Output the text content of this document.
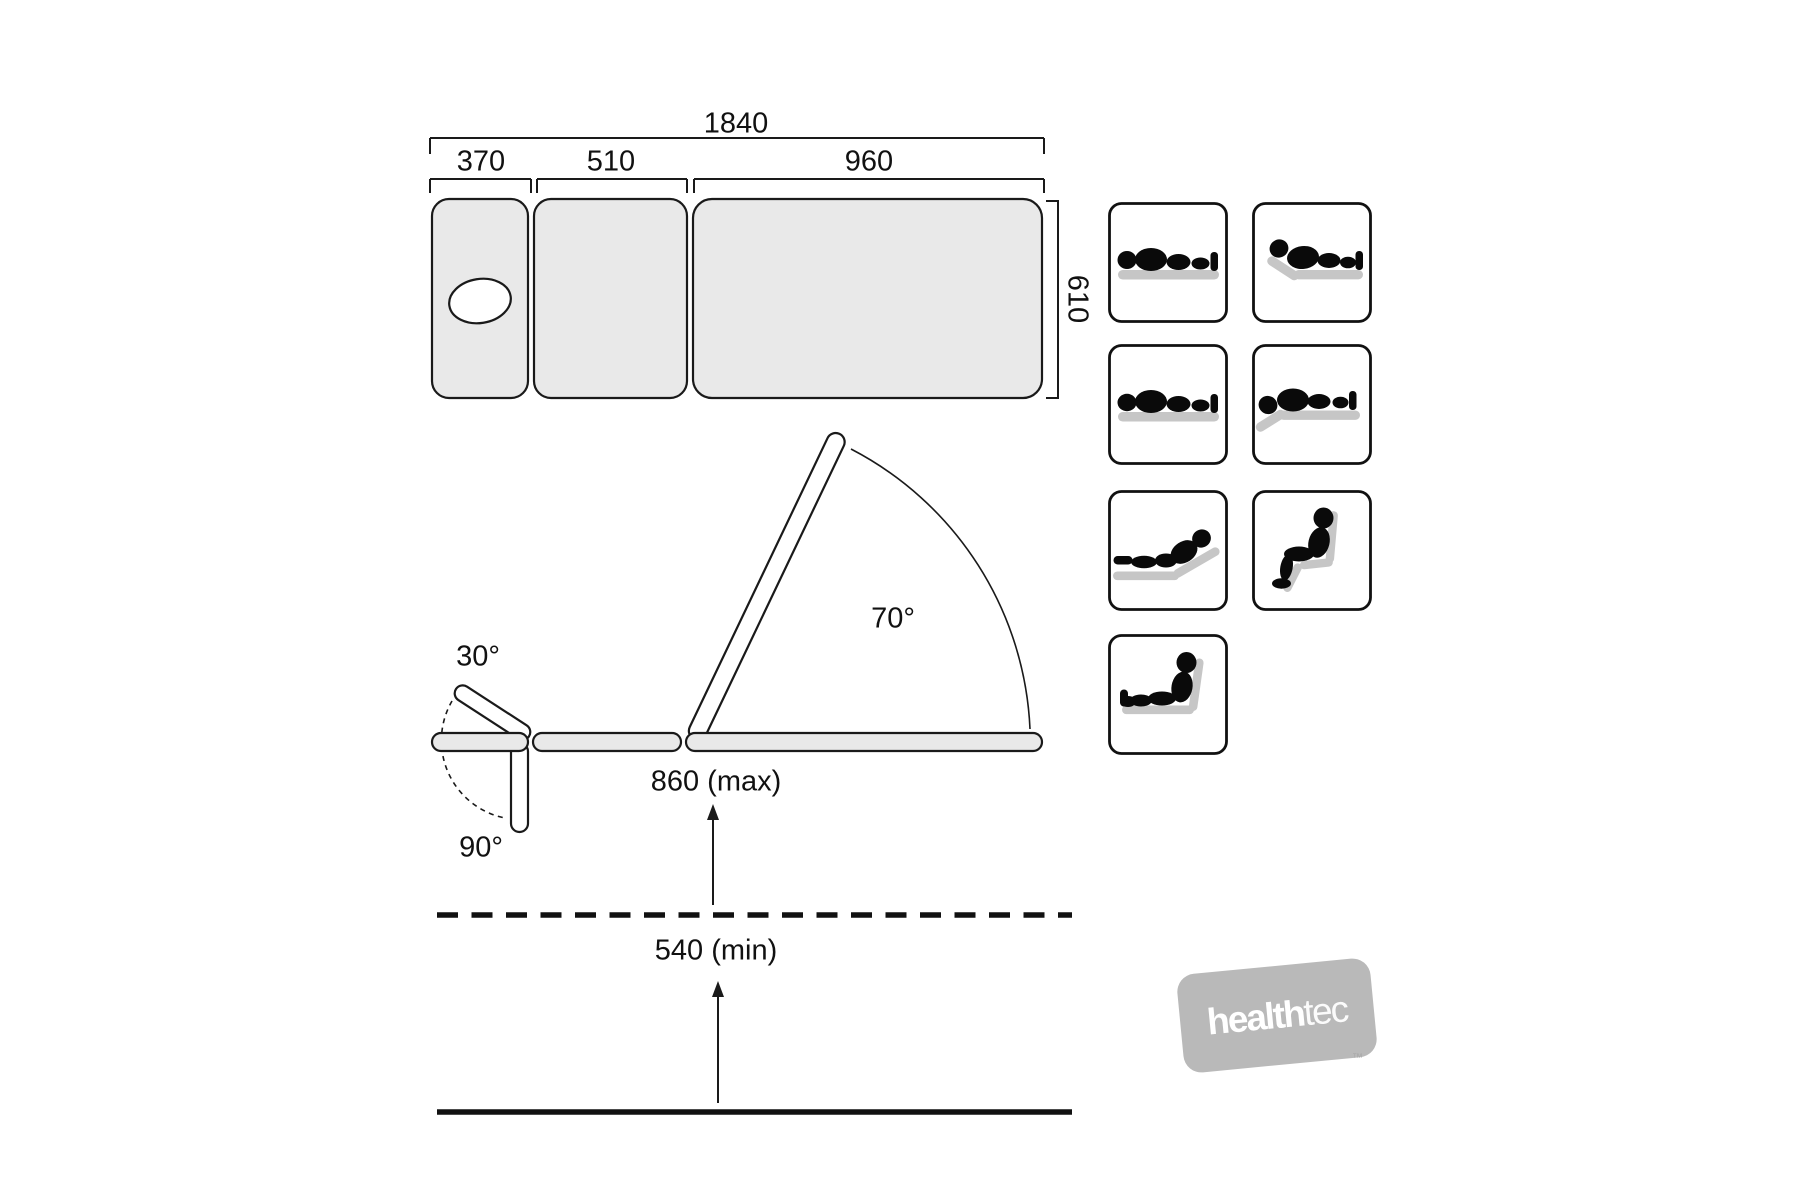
1840
370	510	960
610
30°
90°
70°
860 (max)
540 (min)
healthtec
™
